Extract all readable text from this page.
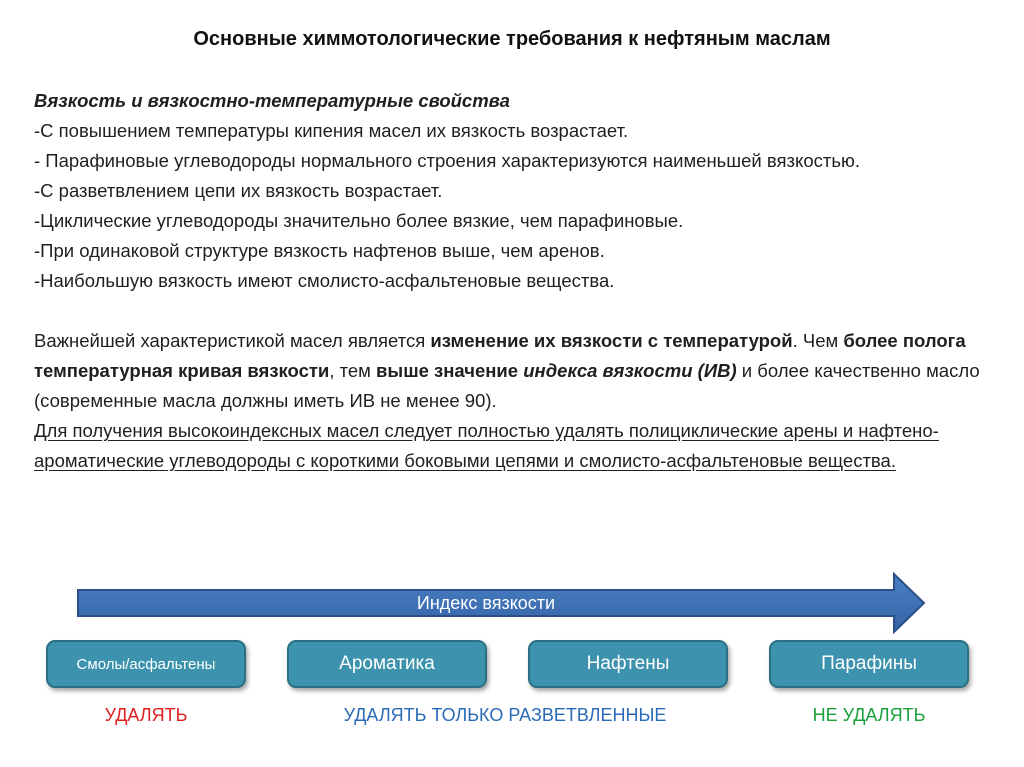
Основные химмотологические требования к нефтяным маслам

Вязкость и вязкостно-температурные свойства

-С повышением температуры кипения масел их вязкость возрастает.

- Парафиновые углеводороды нормального строения характеризуются наименьшей вязкостью.

-С разветвлением цепи их вязкость возрастает.

-Циклические углеводороды значительно более вязкие, чем парафиновые.

-При одинаковой структуре вязкость нафтенов выше, чем аренов.

-Наибольшую вязкость имеют смолисто-асфальтеновые вещества.

Важнейшей характеристикой масел является изменение их вязкости с температурой. Чем более полога температурная кривая вязкости, тем выше значение индекса вязкости (ИВ) и более качественно масло (современные масла должны иметь ИВ не менее 90).

Для получения высокоиндексных масел следует полностью удалять полициклические арены и нафтено-ароматические углеводороды с короткими боковыми цепями и смолисто-асфальтеновые вещества.

Индекс вязкости
Смолы/асфальтены	Ароматика	Нафтены	Парафины
УДАЛЯТЬ	УДАЛЯТЬ ТОЛЬКО РАЗВЕТВЛЕННЫЕ	НЕ УДАЛЯТЬ
